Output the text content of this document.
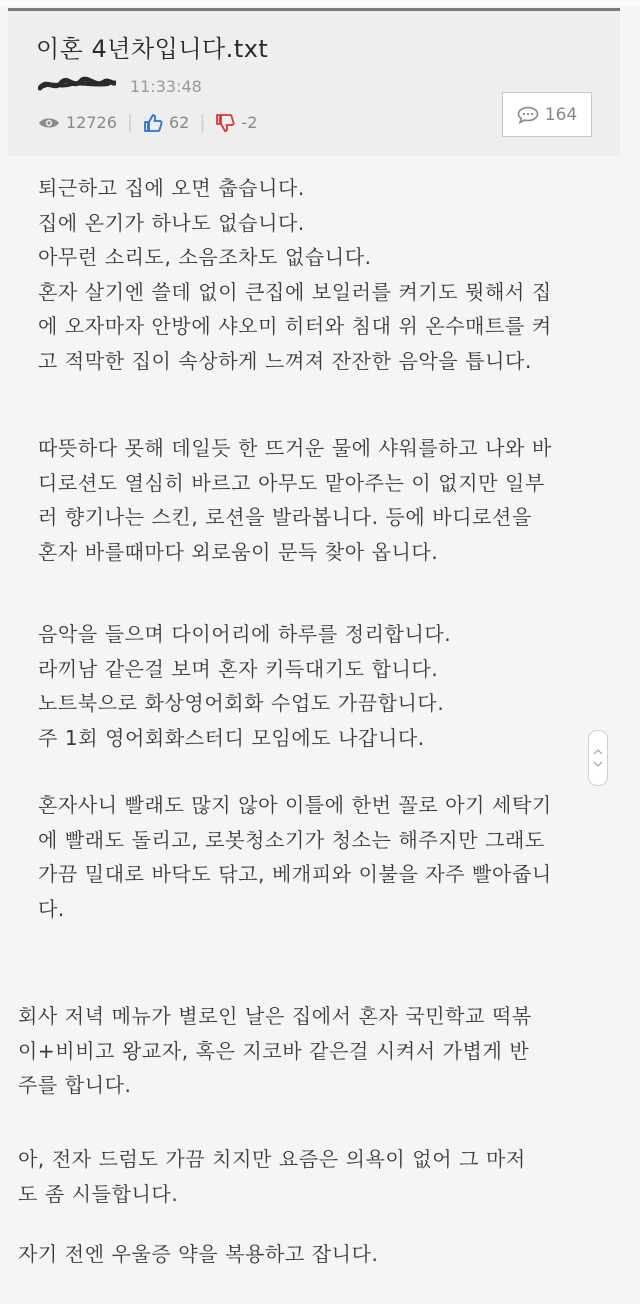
이혼 4년차입니다.txt
11:33:48
12726 | 62 | -2	164

퇴근하고 집에 오면 춥습니다.
집에 온기가 하나도 없습니다.
아무런 소리도, 소음조차도 없습니다.
혼자 살기엔 쓸데 없이 큰집에 보일러를 켜기도 뭣해서 집
에 오자마자 안방에 샤오미 히터와 침대 위 온수매트를 켜
고 적막한 집이 속상하게 느껴져 잔잔한 음악을 틉니다.

따뜻하다 못해 데일듯 한 뜨거운 물에 샤워를하고 나와 바
디로션도 열심히 바르고 아무도 맡아주는 이 없지만 일부
러 향기나는 스킨, 로션을 발라봅니다. 등에 바디로션을
혼자 바를때마다 외로움이 문득 찾아 옵니다.

음악을 들으며 다이어리에 하루를 정리합니다.
라끼남 같은걸 보며 혼자 키득대기도 합니다.
노트북으로 화상영어회화 수업도 가끔합니다.
주 1회 영어회화스터디 모임에도 나갑니다.

혼자사니 빨래도 많지 않아 이틀에 한번 꼴로 아기 세탁기
에 빨래도 돌리고, 로봇청소기가 청소는 해주지만 그래도
가끔 밀대로 바닥도 닦고, 베개피와 이불을 자주 빨아줍니
다.

회사 저녁 메뉴가 별로인 날은 집에서 혼자 국민학교 떡볶
이+비비고 왕교자, 혹은 지코바 같은걸 시켜서 가볍게 반
주를 합니다.

아, 전자 드럼도 가끔 치지만 요즘은 의욕이 없어 그 마저
도 좀 시들합니다.

자기 전엔 우울증 약을 복용하고 잡니다.
